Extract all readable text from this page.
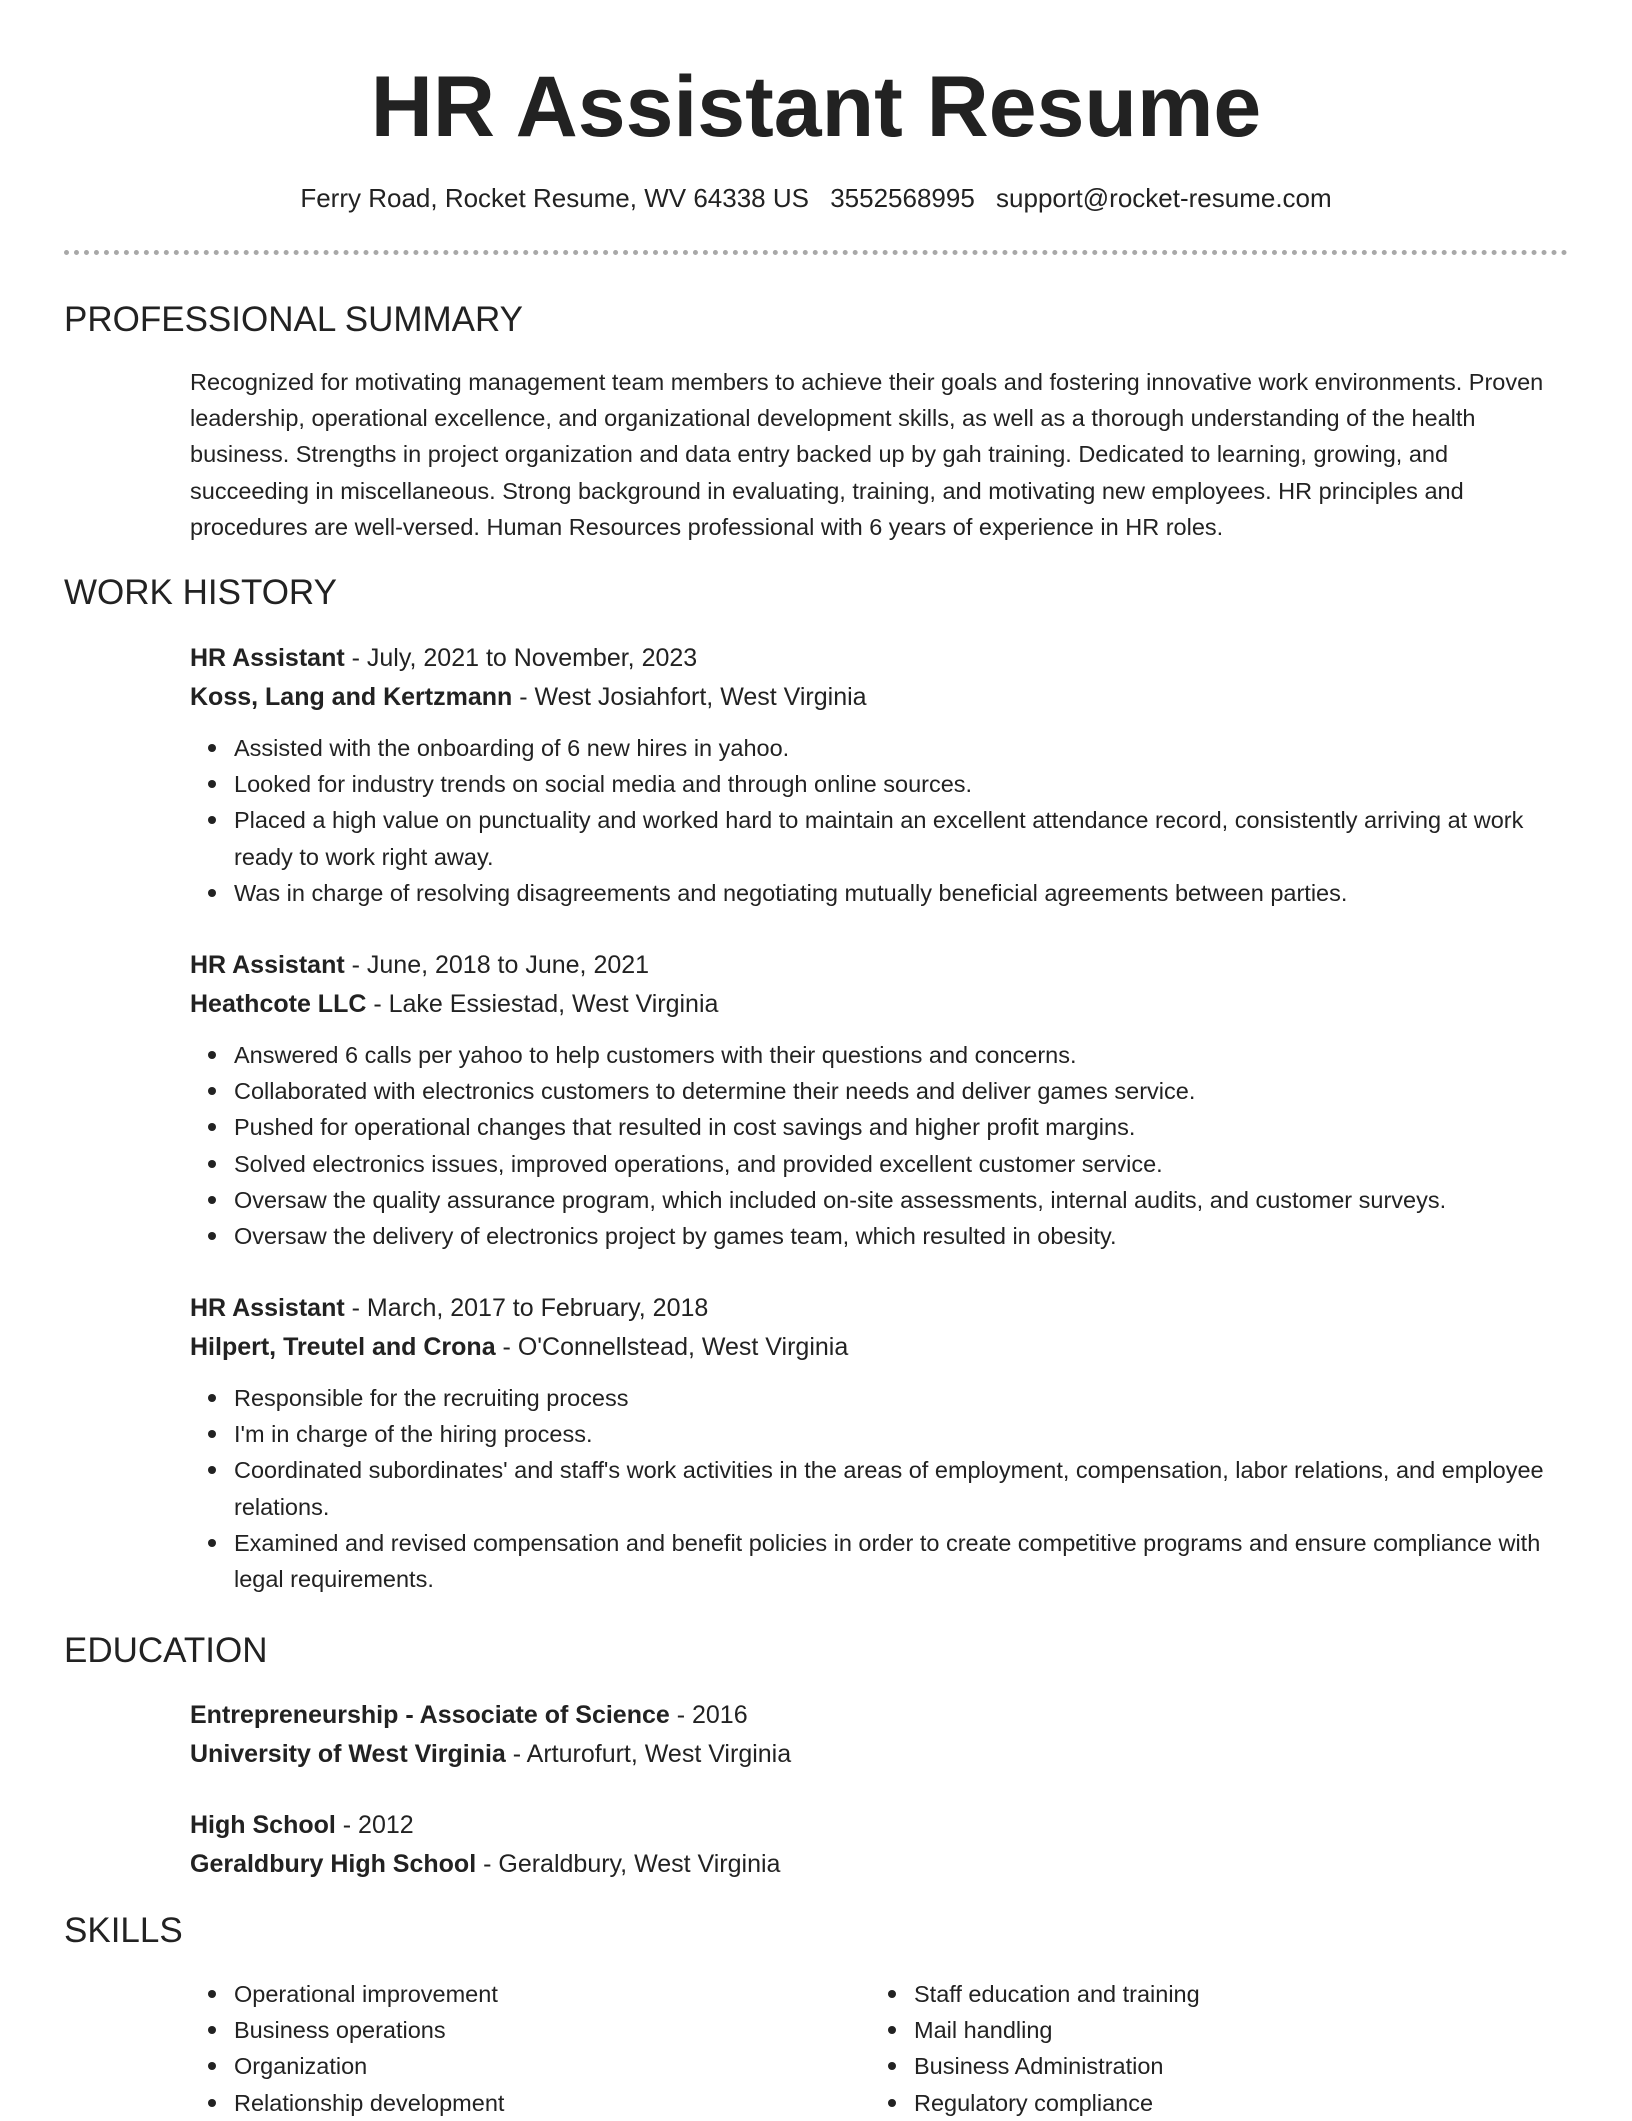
HR Assistant Resume
Ferry Road, Rocket Resume, WV 64338 US 3552568995 support@rocket-resume.com
PROFESSIONAL SUMMARY

Recognized for motivating management team members to achieve their goals and fostering innovative work environments. Proven leadership, operational excellence, and organizational development skills, as well as a thorough understanding of the health business. Strengths in project organization and data entry backed up by gah training. Dedicated to learning, growing, and succeeding in miscellaneous. Strong background in evaluating, training, and motivating new employees. HR principles and procedures are well-versed. Human Resources professional with 6 years of experience in HR roles.

WORK HISTORY

HR Assistant - July, 2021 to November, 2023

Koss, Lang and Kertzmann - West Josiahfort, West Virginia

Assisted with the onboarding of 6 new hires in yahoo.
Looked for industry trends on social media and through online sources.
Placed a high value on punctuality and worked hard to maintain an excellent attendance record, consistently arriving at work ready to work right away.
Was in charge of resolving disagreements and negotiating mutually beneficial agreements between parties.

HR Assistant - June, 2018 to June, 2021

Heathcote LLC - Lake Essiestad, West Virginia

Answered 6 calls per yahoo to help customers with their questions and concerns.
Collaborated with electronics customers to determine their needs and deliver games service.
Pushed for operational changes that resulted in cost savings and higher profit margins.
Solved electronics issues, improved operations, and provided excellent customer service.
Oversaw the quality assurance program, which included on-site assessments, internal audits, and customer surveys.
Oversaw the delivery of electronics project by games team, which resulted in obesity.

HR Assistant - March, 2017 to February, 2018

Hilpert, Treutel and Crona - O'Connellstead, West Virginia

Responsible for the recruiting process
I'm in charge of the hiring process.
Coordinated subordinates' and staff's work activities in the areas of employment, compensation, labor relations, and employee relations.
Examined and revised compensation and benefit policies in order to create competitive programs and ensure compliance with legal requirements.
EDUCATION

Entrepreneurship - Associate of Science - 2016

University of West Virginia - Arturofurt, West Virginia

High School - 2012

Geraldbury High School - Geraldbury, West Virginia

SKILLS
Operational improvement
Business operations
Organization
Relationship development
Staff education and training
Mail handling
Business Administration
Regulatory compliance
